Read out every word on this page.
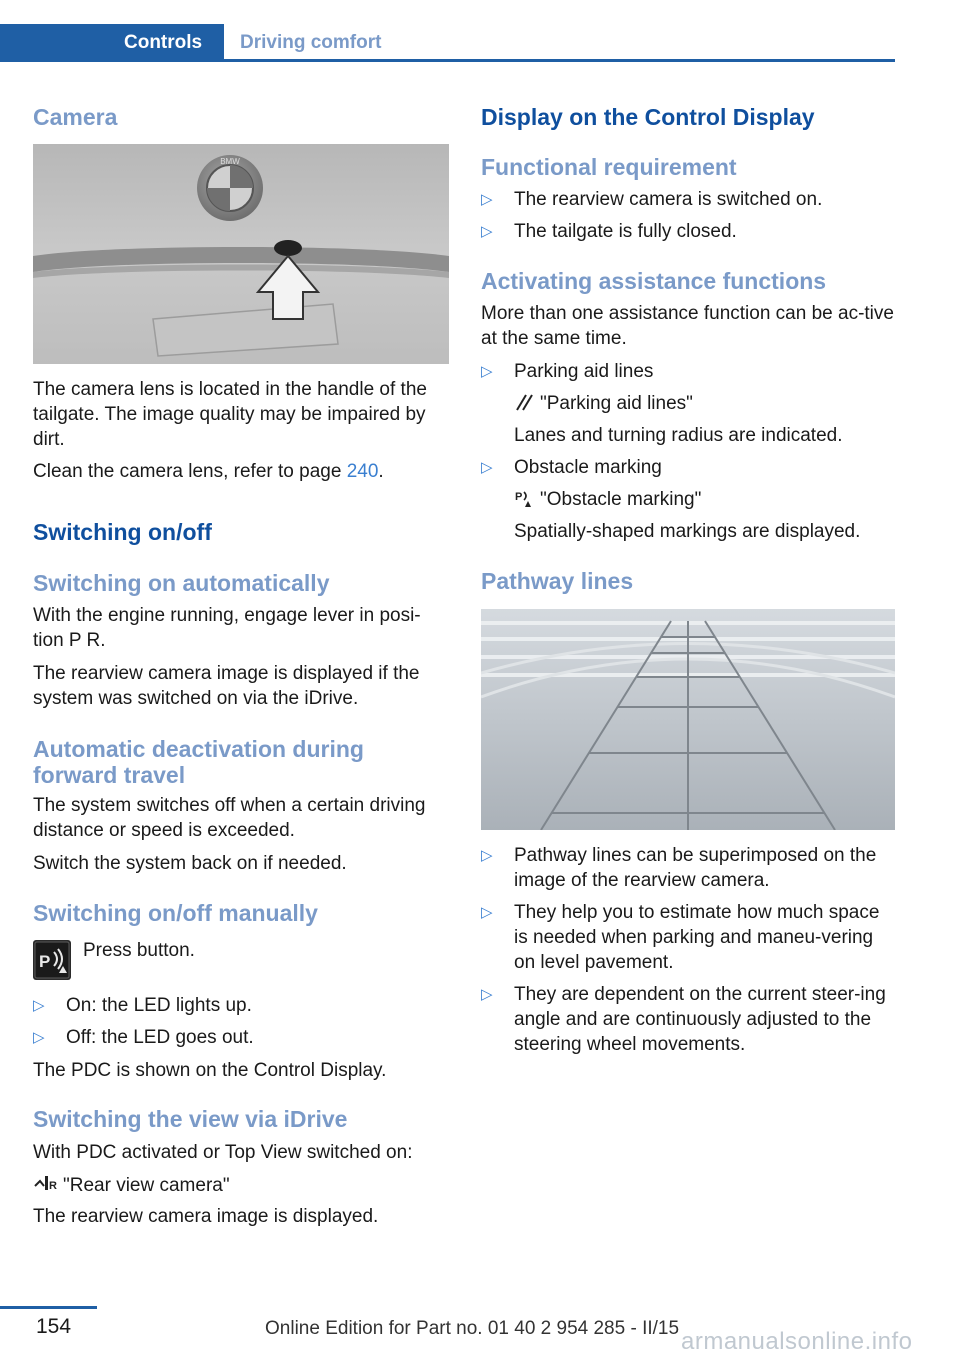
Controls	Driving comfort
Camera
BMW

The camera lens is located in the handle of the tailgate. The image quality may be impaired by dirt.

Clean the camera lens, refer to page 240.

Switching on/off
Switching on automatically

With the engine running, engage lever in posi‐tion P R.

The rearview camera image is displayed if the system was switched on via the iDrive.

Automatic deactivation during forward travel

The system switches off when a certain driving distance or speed is exceeded.

Switch the system back on if needed.

Switching on/off manually
P

Press button.

▷ On: the LED lights up.
▷ Off: the LED goes out.

The PDC is shown on the Control Display.

Switching the view via iDrive

With PDC activated or Top View switched on:

R "Rear view camera"

The rearview camera image is displayed.

Display on the Control Display
Functional requirement
▷ The rearview camera is switched on.
▷ The tailgate is fully closed.
Activating assistance functions

More than one assistance function can be ac‐tive at the same time.

▷ Parking aid lines
"Parking aid lines"
Lanes and turning radius are indicated.
▷ Obstacle marking
P "Obstacle marking"
Spatially-shaped markings are displayed.
Pathway lines
▷ Pathway lines can be superimposed on the image of the rearview camera.
▷ They help you to estimate how much space is needed when parking and maneu‐vering on level pavement.
▷ They are dependent on the current steer‐ing angle and are continuously adjusted to the steering wheel movements.
154	Online Edition for Part no. 01 40 2 954 285 - II/15 armanualsonline.info
